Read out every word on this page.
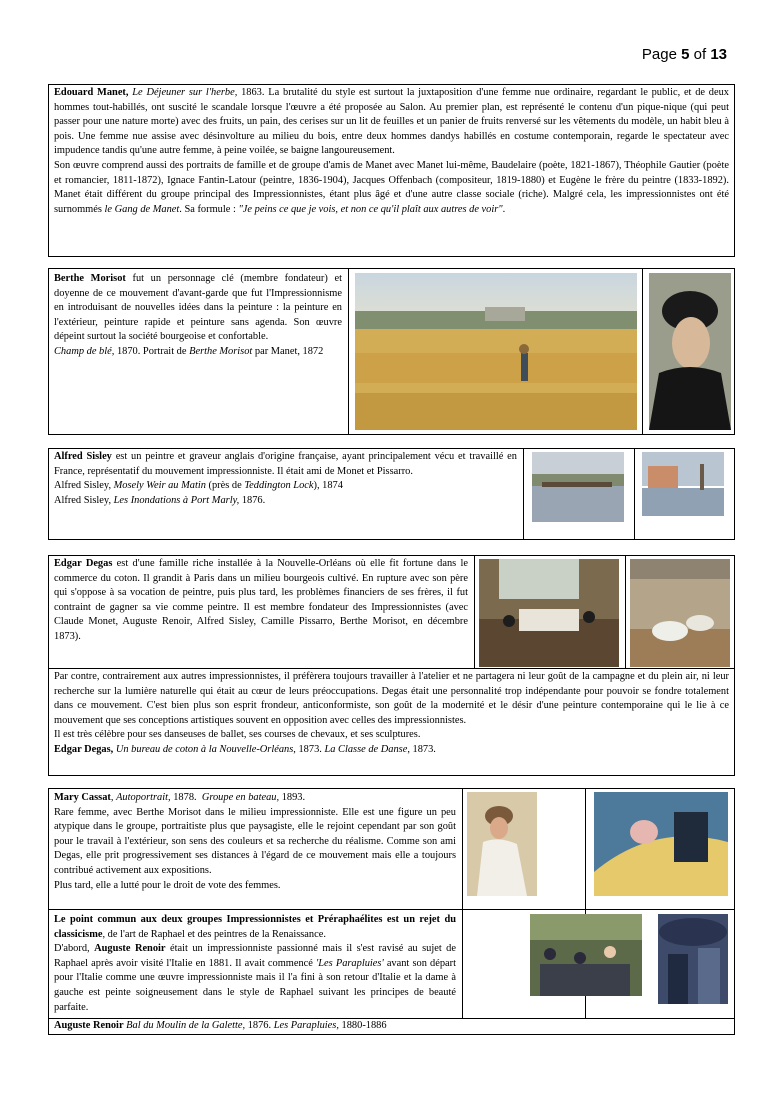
Page 5 of 13

Edouard Manet, Le Déjeuner sur l'herbe, 1863. La brutalité du style est surtout la juxtaposition d'une femme nue ordinaire, regardant le public, et de deux hommes tout-habillés, ont suscité le scandale lorsque l'œuvre a été proposée au Salon. Au premier plan, est représenté le contenu d'un pique-nique (qui peut passer pour une nature morte) avec des fruits, un pain, des cerises sur un lit de feuilles et un panier de fruits renversé sur les vêtements du modèle, un habit bleu à pois. Une femme nue assise avec désinvolture au milieu du bois, entre deux hommes dandys habillés en costume contemporain, regarde le spectateur avec impudence tandis qu'une autre femme, à peine voilée, se baigne langoureusement.

Son œuvre comprend aussi des portraits de famille et de groupe d'amis de Manet avec Manet lui-même, Baudelaire (poète, 1821-1867), Théophile Gautier (poète et romancier, 1811-1872), Ignace Fantin-Latour (peintre, 1836-1904), Jacques Offenbach (compositeur, 1819-1880) et Eugène le frère du peintre (1833-1892). Manet était différent du groupe principal des Impressionnistes, étant plus âgé et d'une autre classe sociale (riche). Malgré cela, les impressionnistes ont été surnommés le Gang de Manet. Sa formule : "Je peins ce que je vois, et non ce qu'il plaît aux autres de voir".

Berthe Morisot fut un personnage clé (membre fondateur) et doyenne de ce mouvement d'avant-garde que fut l'Impressionnisme en introduisant de nouvelles idées dans la peinture : la peinture en l'extérieur, peinture rapide et peinture sans agenda. Son œuvre dépeint surtout la société bourgeoise et confortable.

Champ de blé, 1870. Portrait de Berthe Morisot par Manet, 1872

Alfred Sisley est un peintre et graveur anglais d'origine française, ayant principalement vécu et travaillé en France, représentatif du mouvement impressionniste. Il était ami de Monet et Pissarro.

Alfred Sisley, Mosely Weir au Matin (près de Teddington Lock), 1874

Alfred Sisley, Les Inondations à Port Marly, 1876.

Edgar Degas est d'une famille riche installée à la Nouvelle-Orléans où elle fit fortune dans le commerce du coton. Il grandit à Paris dans un milieu bourgeois cultivé. En rupture avec son père qui s'oppose à sa vocation de peintre, puis plus tard, les problèmes financiers de ses frères, il fut contraint de gagner sa vie comme peintre. Il est membre fondateur des Impressionnistes (avec Claude Monet, Auguste Renoir, Alfred Sisley, Camille Pissarro, Berthe Morisot, en décembre 1873).

Par contre, contrairement aux autres impressionnistes, il préfèrera toujours travailler à l'atelier et ne partagera ni leur goût de la campagne et du plein air, ni leur recherche sur la lumière naturelle qui était au cœur de leurs préoccupations. Degas était une personnalité trop indépendante pour pouvoir se fondre totalement dans ce mouvement. C'est bien plus son esprit frondeur, anticonformiste, son goût de la modernité et le désir d'une peinture contemporaine qui le lie à ce mouvement que ses conceptions artistiques souvent en opposition avec celles des impressionnistes.

Il est très célèbre pour ses danseuses de ballet, ses courses de chevaux, et ses sculptures.

Edgar Degas, Un bureau de coton à la Nouvelle-Orléans, 1873. La Classe de Danse, 1873.

Mary Cassat, Autoportrait, 1878. Groupe en bateau, 1893.

Rare femme, avec Berthe Morisot dans le milieu impressionniste. Elle est une figure un peu atypique dans le groupe, portraitiste plus que paysagiste, elle le rejoint cependant par son goût pour le travail à l'extérieur, son sens des couleurs et sa recherche du réalisme. Comme son ami Degas, elle prit progressivement ses distances à l'égard de ce mouvement mais elle a toujours contribué activement aux expositions.

Plus tard, elle a lutté pour le droit de vote des femmes.

Le point commun aux deux groupes Impressionnistes et Préraphaélites est un rejet du classicisme, de l'art de Raphael et des peintres de la Renaissance.

D'abord, Auguste Renoir était un impressionniste passionné mais il s'est ravisé au sujet de Raphael après avoir visité l'Italie en 1881. Il avait commencé 'Les Parapluies' avant son départ pour l'Italie comme une œuvre impressionniste mais il l'a fini à son retour d'Italie et la dame à gauche est peinte soigneusement dans le style de Raphael suivant les principes de beauté parfaite.

Auguste Renoir Bal du Moulin de la Galette, 1876. Les Parapluies, 1880-1886
